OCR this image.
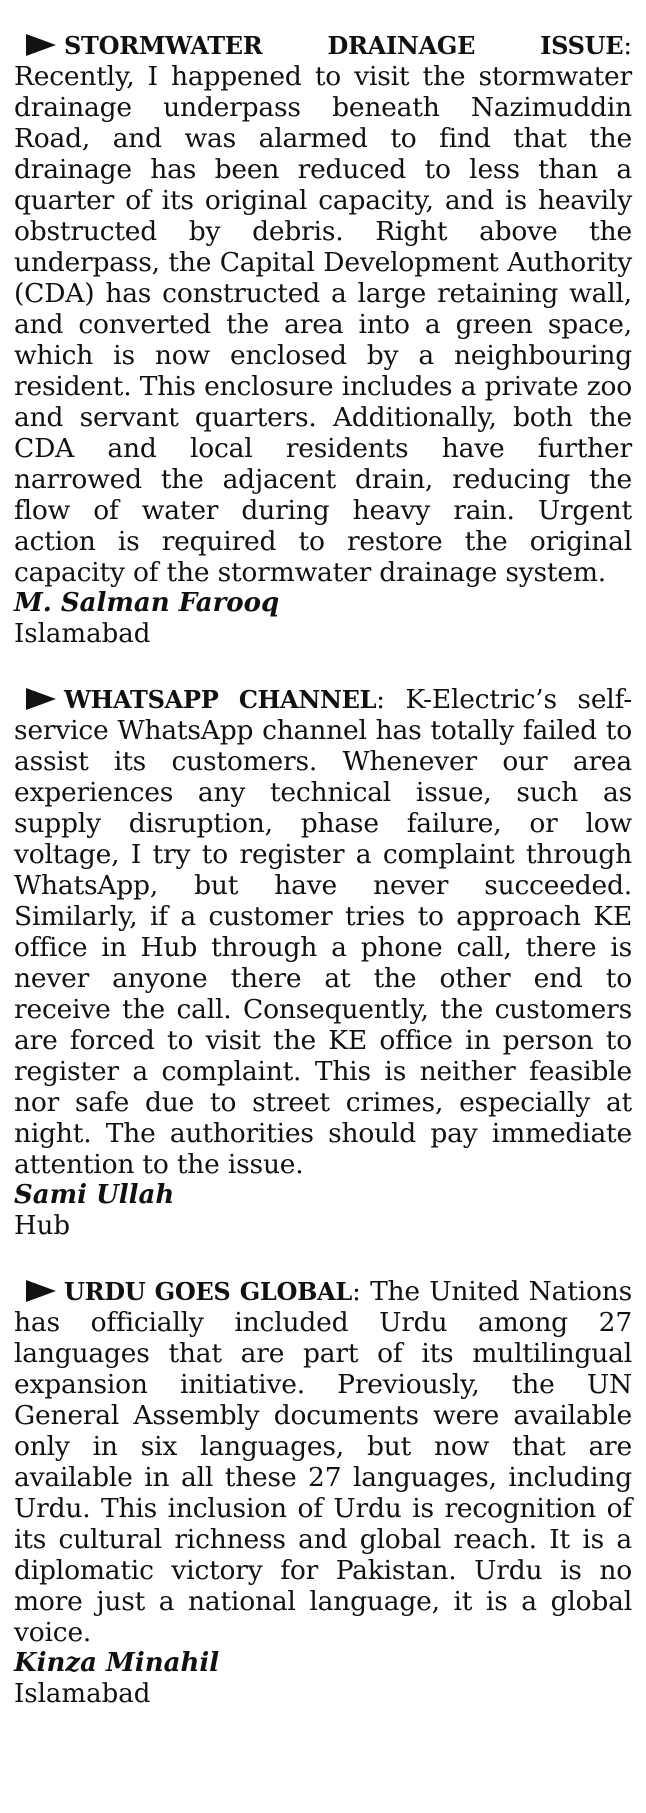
STORMWATER DRAINAGE ISSUE: Recently, I happened to visit the stormwater drainage underpass beneath Nazimuddin Road, and was alarmed to find that the drainage has been reduced to less than a quarter of its original capacity, and is heavily obstructed by debris. Right above the underpass, the Capital Development Authority (CDA) has constructed a large retaining wall, and converted the area into a green space, which is now enclosed by a neighbouring resident. This enclosure includes a private zoo and servant quarters. Additionally, both the CDA and local residents have further narrowed the adjacent drain, reducing the flow of water during heavy rain. Urgent action is required to restore the original capacity of the stormwater drainage system.

M. Salman Farooq
Islamabad

WHATSAPP CHANNEL: K-Electric’s self-service WhatsApp channel has totally failed to assist its customers. Whenever our area experiences any technical issue, such as supply disruption, phase failure, or low voltage, I try to register a complaint through WhatsApp, but have never succeeded. Similarly, if a customer tries to approach KE office in Hub through a phone call, there is never anyone there at the other end to receive the call. Consequently, the customers are forced to visit the KE office in person to register a complaint. This is neither feasible nor safe due to street crimes, especially at night. The authorities should pay immediate attention to the issue.

Sami Ullah
Hub

URDU GOES GLOBAL: The United Nations has officially included Urdu among 27 languages that are part of its multilingual expansion initiative. Previously, the UN General Assembly documents were available only in six languages, but now that are available in all these 27 languages, including Urdu. This inclusion of Urdu is recognition of its cultural richness and global reach. It is a diplomatic victory for Pakistan. Urdu is no more just a national language, it is a global voice.

Kinza Minahil
Islamabad
